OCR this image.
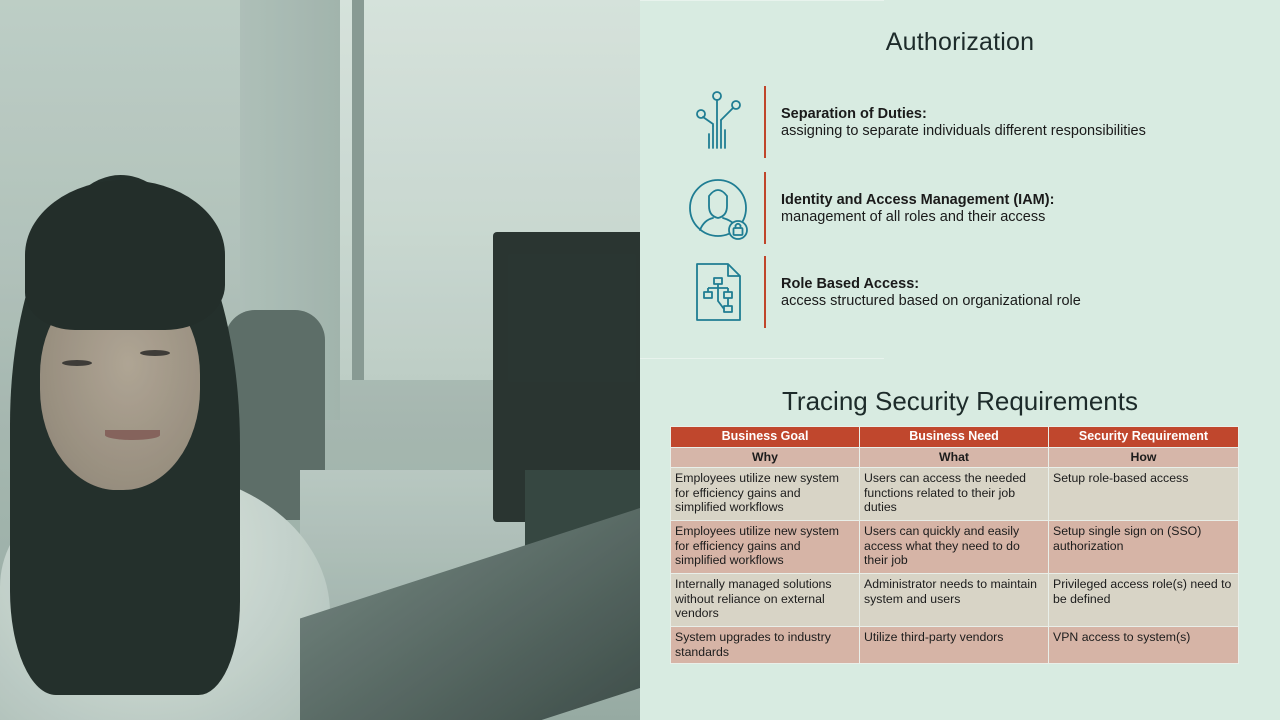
Authorization
Separation of Duties:
assigning to separate individuals different responsibilities
Identity and Access Management (IAM):
management of all roles and their access
Role Based Access:
access structured based on organizational role
Tracing Security Requirements
Business Goal	Business Need	Security Requirement
Why	What	How
Employees utilize new system for efficiency gains and simplified workflows	Users can access the needed functions related to their job duties	Setup role-based access
Employees utilize new system for efficiency gains and simplified workflows	Users can quickly and easily access what they need to do their job	Setup single sign on (SSO) authorization
Internally managed solutions without reliance on external vendors	Administrator needs to maintain system and users	Privileged access role(s) need to be defined
System upgrades to industry standards	Utilize third-party vendors	VPN access to system(s)
